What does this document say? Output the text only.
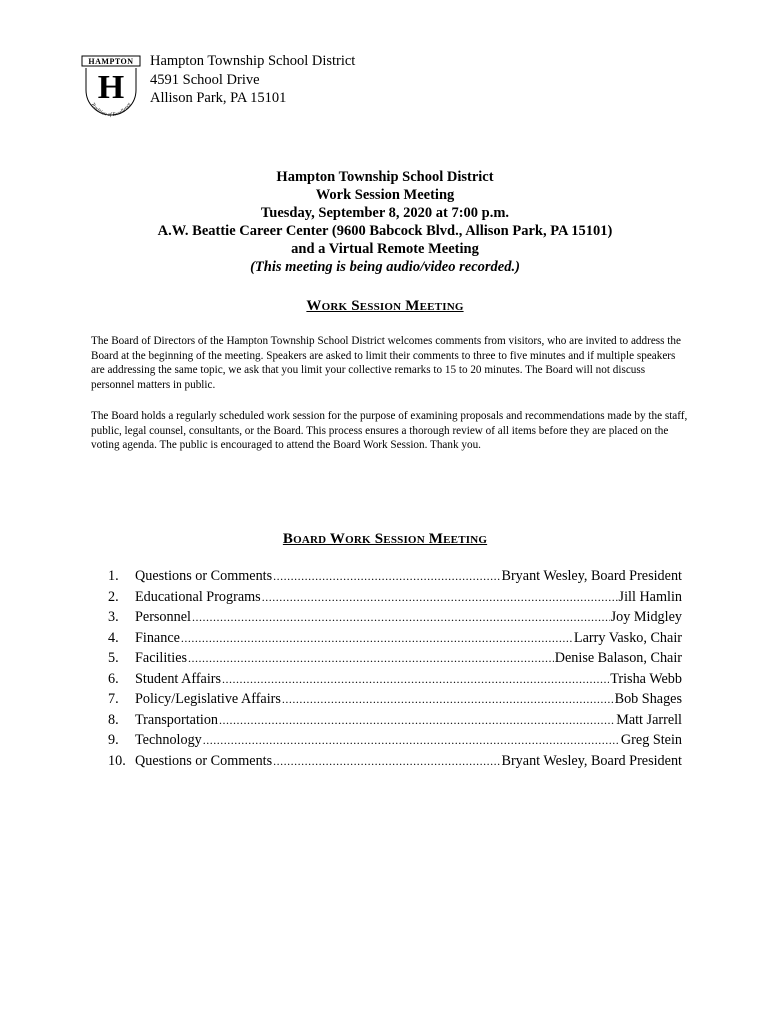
HAMPTON
H
Tradition of Excellence
Hampton Township School District
4591 School Drive
Allison Park, PA 15101
Hampton Township School District
Work Session Meeting
Tuesday, September 8, 2020 at 7:00 p.m.
A.W. Beattie Career Center (9600 Babcock Blvd., Allison Park, PA 15101)
and a Virtual Remote Meeting
(This meeting is being audio/video recorded.)
Work Session Meeting
The Board of Directors of the Hampton Township School District welcomes comments from visitors, who are invited to address the Board at the beginning of the meeting. Speakers are asked to limit their comments to three to five minutes and if multiple speakers are addressing the same topic, we ask that you limit your collective remarks to 15 to 20 minutes. The Board will not discuss personnel matters in public.
The Board holds a regularly scheduled work session for the purpose of examining proposals and recommendations made by the staff, public, legal counsel, consultants, or the Board. This process ensures a thorough review of all items before they are placed on the voting agenda. The public is encouraged to attend the Board Work Session. Thank you.
Board Work Session Meeting
1.	Questions or Comments .....	Bryant Wesley, Board President
2.	Educational Programs .....	Jill Hamlin
3.	Personnel .....	Joy Midgley
4.	Finance .....	Larry Vasko, Chair
5.	Facilities .....	Denise Balason, Chair
6.	Student Affairs .....	Trisha Webb
7.	Policy/Legislative Affairs .....	Bob Shages
8.	Transportation .....	Matt Jarrell
9.	Technology .....	Greg Stein
10. Questions or Comments .....	Bryant Wesley, Board President
